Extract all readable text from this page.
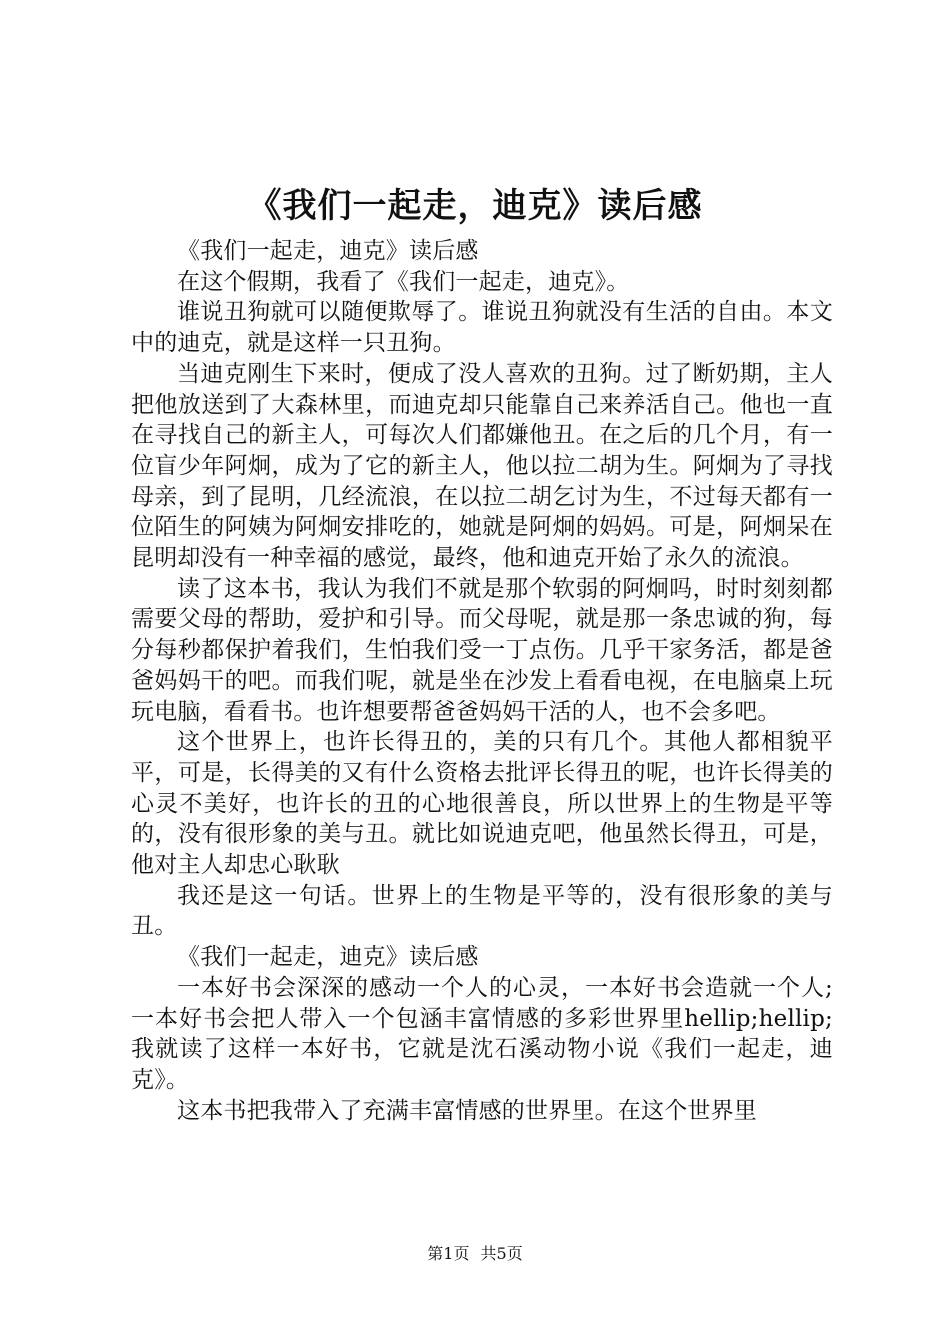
《我们一起走，迪克》读后感

《我们一起走，迪克》读后感

在这个假期，我看了《我们一起走，迪克》。

谁说丑狗就可以随便欺辱了。谁说丑狗就没有生活的自由。本文中的迪克，就是这样一只丑狗。

当迪克刚生下来时，便成了没人喜欢的丑狗。过了断奶期，主人把他放送到了大森林里，而迪克却只能靠自己来养活自己。他也一直在寻找自己的新主人，可每次人们都嫌他丑。在之后的几个月，有一位盲少年阿炯，成为了它的新主人，他以拉二胡为生。阿炯为了寻找母亲，到了昆明，几经流浪，在以拉二胡乞讨为生，不过每天都有一位陌生的阿姨为阿炯安排吃的，她就是阿炯的妈妈。可是，阿炯呆在昆明却没有一种幸福的感觉，最终，他和迪克开始了永久的流浪。

读了这本书，我认为我们不就是那个软弱的阿炯吗，时时刻刻都需要父母的帮助，爱护和引导。而父母呢，就是那一条忠诚的狗，每分每秒都保护着我们，生怕我们受一丁点伤。几乎干家务活，都是爸爸妈妈干的吧。而我们呢，就是坐在沙发上看看电视，在电脑桌上玩玩电脑，看看书。也许想要帮爸爸妈妈干活的人，也不会多吧。

这个世界上，也许长得丑的，美的只有几个。其他人都相貌平平，可是，长得美的又有什么资格去批评长得丑的呢，也许长得美的心灵不美好，也许长的丑的心地很善良，所以世界上的生物是平等的，没有很形象的美与丑。就比如说迪克吧，他虽然长得丑，可是，他对主人却忠心耿耿

我还是这一句话。世界上的生物是平等的，没有很形象的美与丑。

《我们一起走，迪克》读后感

一本好书会深深的感动一个人的心灵，一本好书会造就一个人;一本好书会把人带入一个包涵丰富情感的多彩世界里hellip;hellip;我就读了这样一本好书，它就是沈石溪动物小说《我们一起走，迪克》。

这本书把我带入了充满丰富情感的世界里。在这个世界里

第1页 共5页
